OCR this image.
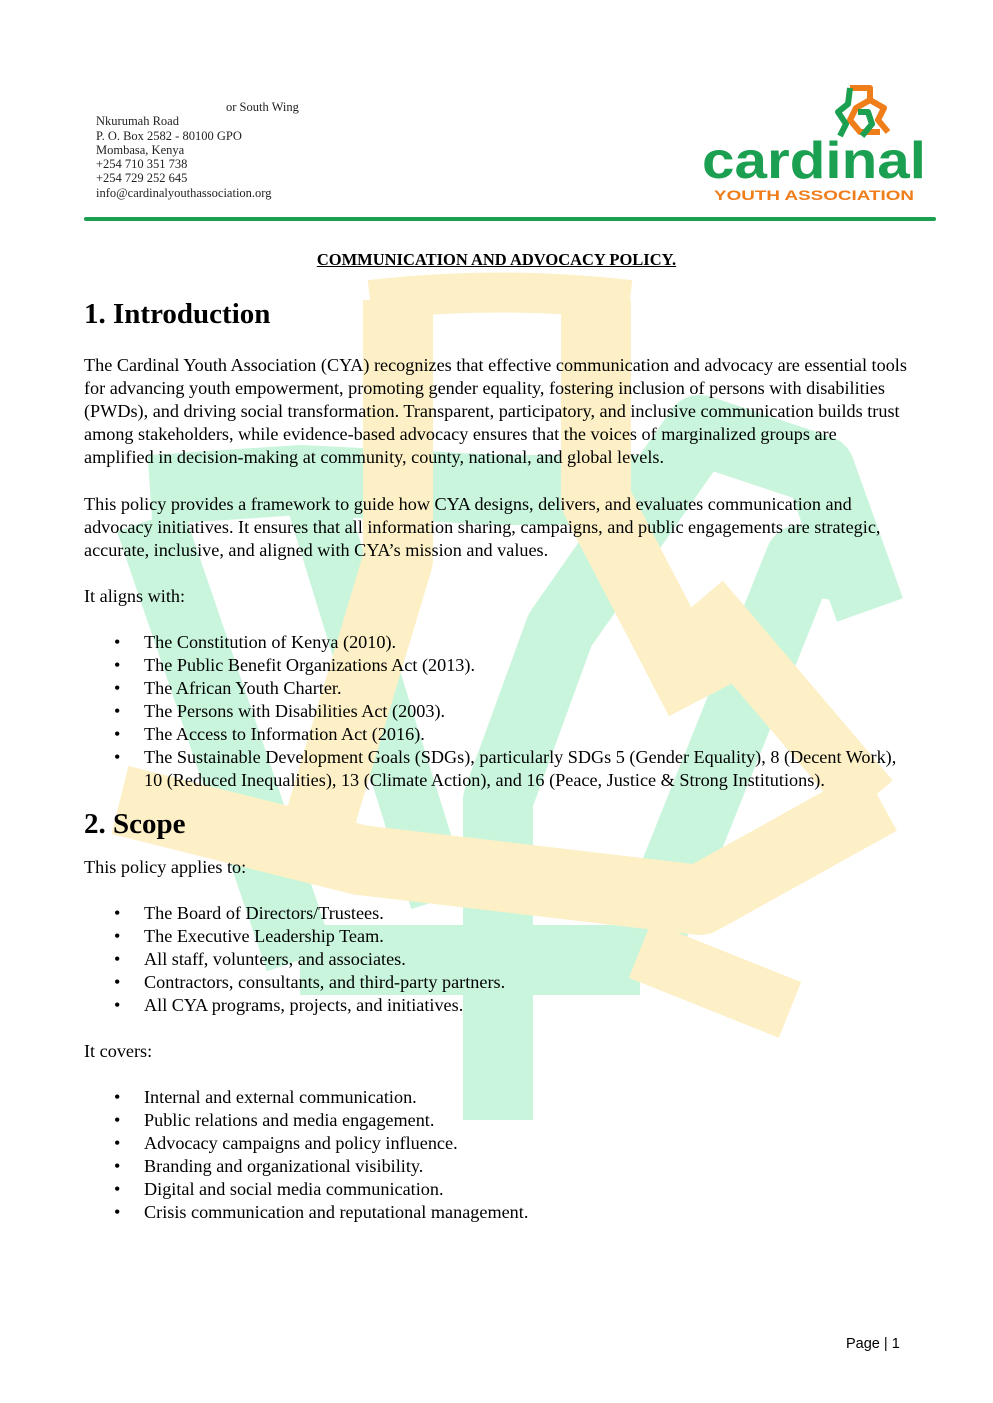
or South Wing
Nkurumah Road
P. O. Box 2582 - 80100 GPO
Mombasa, Kenya
+254 710 351 738
+254 729 252 645
info@cardinalyouthassociation.org
cardinal
YOUTH ASSOCIATION
COMMUNICATION AND ADVOCACY POLICY.
1. Introduction

The Cardinal Youth Association (CYA) recognizes that effective communication and advocacy are essential tools for advancing youth empowerment, promoting gender equality, fostering inclusion of persons with disabilities (PWDs), and driving social transformation. Transparent, participatory, and inclusive communication builds trust among stakeholders, while evidence-based advocacy ensures that the voices of marginalized groups are amplified in decision-making at community, county, national, and global levels.

This policy provides a framework to guide how CYA designs, delivers, and evaluates communication and advocacy initiatives. It ensures that all information sharing, campaigns, and public engagements are strategic, accurate, inclusive, and aligned with CYA’s mission and values.

It aligns with:

• The Constitution of Kenya (2010).
• The Public Benefit Organizations Act (2013).
• The African Youth Charter.
• The Persons with Disabilities Act (2003).
• The Access to Information Act (2016).
• The Sustainable Development Goals (SDGs), particularly SDGs 5 (Gender Equality), 8 (Decent Work), 10 (Reduced Inequalities), 13 (Climate Action), and 16 (Peace, Justice & Strong Institutions).
2. Scope

This policy applies to:

• The Board of Directors/Trustees.
• The Executive Leadership Team.
• All staff, volunteers, and associates.
• Contractors, consultants, and third-party partners.
• All CYA programs, projects, and initiatives.

It covers:

• Internal and external communication.
• Public relations and media engagement.
• Advocacy campaigns and policy influence.
• Branding and organizational visibility.
• Digital and social media communication.
• Crisis communication and reputational management.
Page | 1
